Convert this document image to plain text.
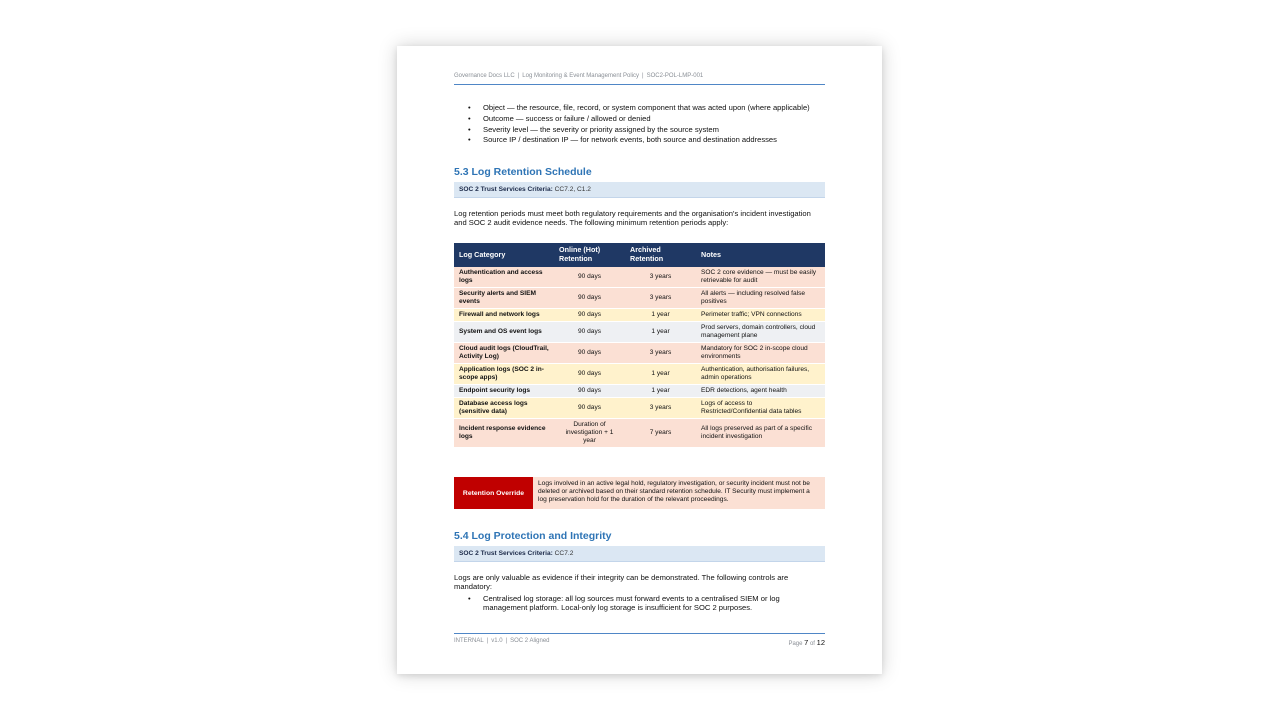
Governance Docs LLC | Log Monitoring & Event Management Policy | SOC2-POL-LMP-001
• Object — the resource, file, record, or system component that was acted upon (where applicable)
• Outcome — success or failure / allowed or denied
• Severity level — the severity or priority assigned by the source system
• Source IP / destination IP — for network events, both source and destination addresses
5.3 Log Retention Schedule
SOC 2 Trust Services Criteria: CC7.2, C1.2
Log retention periods must meet both regulatory requirements and the organisation's incident investigation and SOC 2 audit evidence needs. The following minimum retention periods apply:
Log Category	Online (Hot) Retention	Archived Retention	Notes
Authentication and access logs	90 days	3 years	SOC 2 core evidence — must be easily retrievable for audit
Security alerts and SIEM events	90 days	3 years	All alerts — including resolved false positives
Firewall and network logs	90 days	1 year	Perimeter traffic; VPN connections
System and OS event logs	90 days	1 year	Prod servers, domain controllers, cloud management plane
Cloud audit logs (CloudTrail, Activity Log)	90 days	3 years	Mandatory for SOC 2 in-scope cloud environments
Application logs (SOC 2 in-scope apps)	90 days	1 year	Authentication, authorisation failures, admin operations
Endpoint security logs	90 days	1 year	EDR detections, agent health
Database access logs (sensitive data)	90 days	3 years	Logs of access to Restricted/Confidential data tables
Incident response evidence logs	Duration of investigation + 1 year	7 years	All logs preserved as part of a specific incident investigation
Retention Override
Logs involved in an active legal hold, regulatory investigation, or security incident must not be deleted or archived based on their standard retention schedule. IT Security must implement a log preservation hold for the duration of the relevant proceedings.
5.4 Log Protection and Integrity
SOC 2 Trust Services Criteria: CC7.2
Logs are only valuable as evidence if their integrity can be demonstrated. The following controls are mandatory:
• Centralised log storage: all log sources must forward events to a centralised SIEM or log management platform. Local-only log storage is insufficient for SOC 2 purposes.
INTERNAL | v1.0 | SOC 2 Aligned	Page 7 of 12
